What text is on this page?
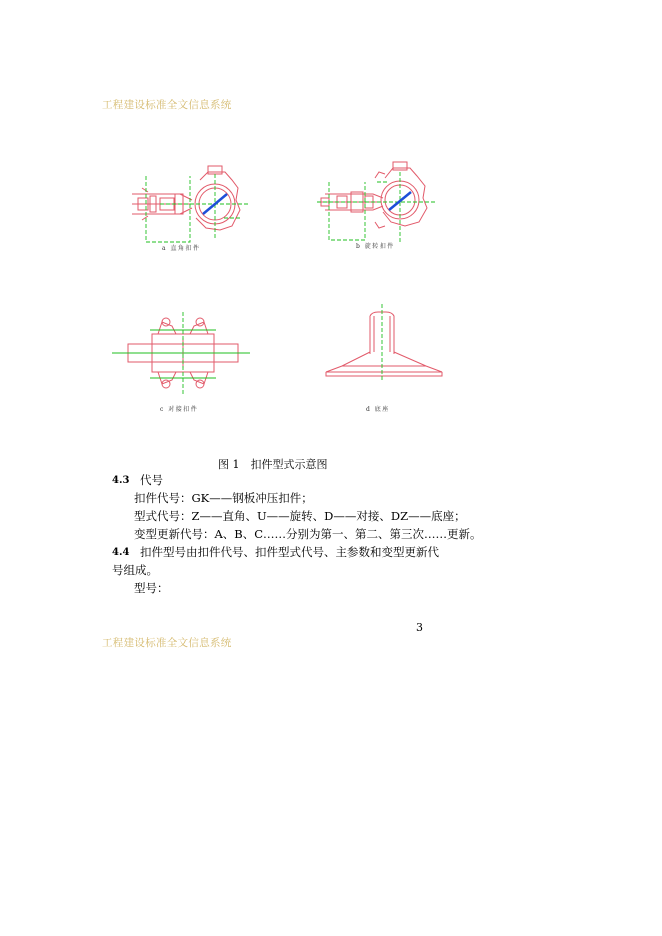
工程建设标准全文信息系统
a 直角扣件	b 旋转扣件
c 对接扣件	d 底座
图 1　扣件型式示意图
4.3 代号
扣件代号：GK——钢板冲压扣件；
型式代号：Z——直角、U——旋转、D——对接、DZ——底座；
变型更新代号：A、B、C……分别为第一、第二、第三次……更新。
4.4 扣件型号由扣件代号、扣件型式代号、主参数和变型更新代
号组成。
型号：
3
工程建设标准全文信息系统
